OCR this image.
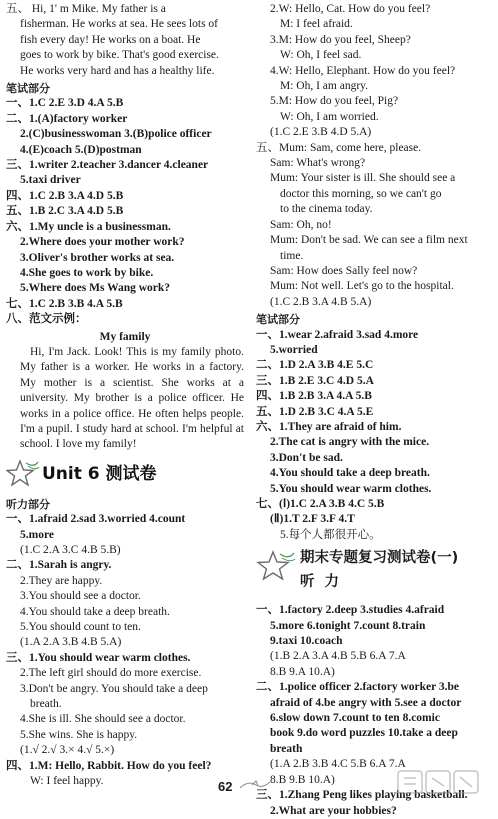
五、 Hi, 1' m Mike. My father is a
fisherman. He works at sea. He sees lots of
fish every day! He works on a boat. He
goes to work by bike. That's good exercise.
He works very hard and has a healthy life.
笔试部分
一、1.C 2.E 3.D 4.A 5.B
二、1.(A)factory worker
2.(C)businesswoman 3.(B)police officer
4.(E)coach 5.(D)postman
三、1.writer 2.teacher 3.dancer 4.cleaner
5.taxi driver
四、1.C 2.B 3.A 4.D 5.B
五、1.B 2.C 3.A 4.D 5.B
六、1.My uncle is a businessman.
2.Where does your mother work?
3.Oliver's brother works at sea.
4.She goes to work by bike.
5.Where does Ms Wang work?
七、1.C 2.B 3.B 4.A 5.B
八、范文示例：
My family
Hi, I'm Jack. Look! This is my family photo. My father is a worker. He works in a factory. My mother is a scientist. She works at a university. My brother is a police officer. He works in a police office. He often helps people. I'm a pupil. I study hard at school. I'm helpful at school. I love my family!
Unit 6 测试卷
听力部分
一、1.afraid 2.sad 3.worried 4.count
5.more
(1.C 2.A 3.C 4.B 5.B)
二、1.Sarah is angry.
2.They are happy.
3.You should see a doctor.
4.You should take a deep breath.
5.You should count to ten.
(1.A 2.A 3.B 4.B 5.A)
三、1.You should wear warm clothes.
2.The left girl should do more exercise.
3.Don't be angry. You should take a deep
breath.
4.She is ill. She should see a doctor.
5.She wins. She is happy.
(1.√ 2.√ 3.× 4.√ 5.×)
四、1.M: Hello, Rabbit. How do you feel?
W: I feel happy.
2.W: Hello, Cat. How do you feel?
M: I feel afraid.
3.M: How do you feel, Sheep?
W: Oh, I feel sad.
4.W: Hello, Elephant. How do you feel?
M: Oh, I am angry.
5.M: How do you feel, Pig?
W: Oh, I am worried.
(1.C 2.E 3.B 4.D 5.A)
五、Mum: Sam, come here, please.
Sam: What's wrong?
Mum: Your sister is ill. She should see a
doctor this morning, so we can't go
to the cinema today.
Sam: Oh, no!
Mum: Don't be sad. We can see a film next
time.
Sam: How does Sally feel now?
Mum: Not well. Let's go to the hospital.
(1.C 2.B 3.A 4.B 5.A)
笔试部分
一、1.wear 2.afraid 3.sad 4.more
5.worried
二、1.D 2.A 3.B 4.E 5.C
三、1.B 2.E 3.C 4.D 5.A
四、1.B 2.B 3.A 4.A 5.B
五、1.D 2.B 3.C 4.A 5.E
六、1.They are afraid of him.
2.The cat is angry with the mice.
3.Don't be sad.
4.You should take a deep breath.
5.You should wear warm clothes.
七、(Ⅰ)1.C 2.A 3.B 4.C 5.B
(Ⅱ)1.T 2.F 3.F 4.T
5.每个人都很开心。
期末专题复习测试卷(一)
听力
一、1.factory 2.deep 3.studies 4.afraid
5.more 6.tonight 7.count 8.train
9.taxi 10.coach
(1.B 2.A 3.A 4.B 5.B 6.A 7.A
8.B 9.A 10.A)
二、1.police officer 2.factory worker 3.be
afraid of 4.be angry with 5.see a doctor
6.slow down 7.count to ten 8.comic
book 9.do word puzzles 10.take a deep
breath
(1.A 2.B 3.B 4.C 5.B 6.A 7.A
8.B 9.B 10.A)
三、1.Zhang Peng likes playing basketball.
2.What are your hobbies?
62
